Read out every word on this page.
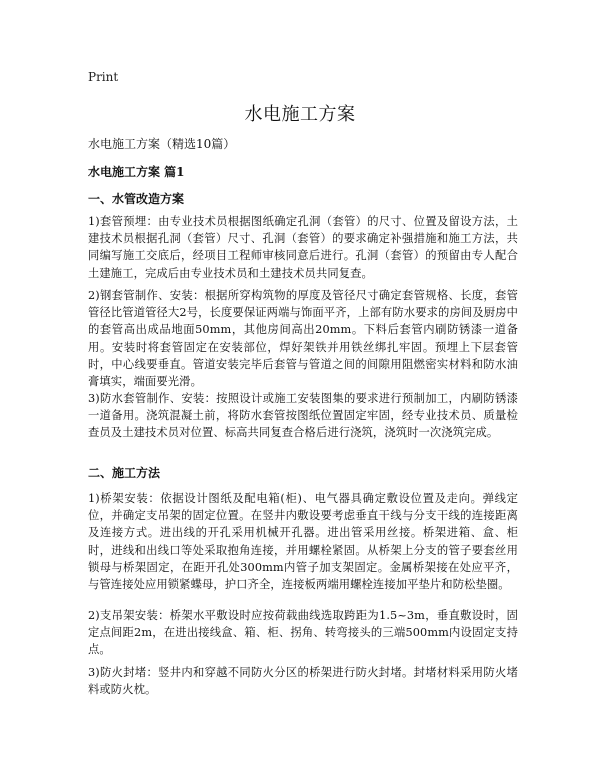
Print
水电施工方案
水电施工方案（精选10篇）
水电施工方案 篇1
一、水管改造方案
1)套管预埋：由专业技术员根据图纸确定孔洞（套管）的尺寸、位置及留设方法，土建技术员根据孔洞（套管）尺寸、孔洞（套管）的要求确定补强措施和施工方法，共同编写施工交底后，经项目工程师审核同意后进行。孔洞（套管）的预留由专人配合土建施工，完成后由专业技术员和土建技术员共同复查。
2)钢套管制作、安装：根据所穿构筑物的厚度及管径尺寸确定套管规格、长度，套管管径比管道管径大2号，长度要保证两端与饰面平齐，上部有防水要求的房间及厨房中的套管高出成品地面50mm，其他房间高出20mm。下料后套管内刷防锈漆一道备用。安装时将套管固定在安装部位，焊好架铁并用铁丝绑扎牢固。预埋上下层套管时，中心线要垂直。管道安装完毕后套管与管道之间的间隙用阻燃密实材料和防水油膏填实，端面要光滑。
3)防水套管制作、安装：按照设计或施工安装图集的要求进行预制加工，内刷防锈漆一道备用。浇筑混凝土前，将防水套管按图纸位置固定牢固，经专业技术员、质量检查员及土建技术员对位置、标高共同复查合格后进行浇筑，浇筑时一次浇筑完成。
二、施工方法
1)桥架安装：依据设计图纸及配电箱(柜)、电气器具确定敷设位置及走向。弹线定位，并确定支吊架的固定位置。在竖井内敷设要考虑垂直干线与分支干线的连接距离及连接方式。进出线的开孔采用机械开孔器。进出管采用丝接。桥架进箱、盒、柜时，进线和出线口等处采取抱角连接，并用螺栓紧固。从桥架上分支的管子要套丝用锁母与桥架固定，在距开孔处300mm内管子加支架固定。金属桥架接在处应平齐，与管连接处应用锁紧蝶母，护口齐全，连接板两端用螺栓连接加平垫片和防松垫圈。
2)支吊架安装：桥架水平敷设时应按荷载曲线选取跨距为1.5~3m，垂直敷设时，固定点间距2m，在进出接线盒、箱、柜、拐角、转弯接头的三端500mm内设固定支持点。
3)防火封堵：竖井内和穿越不同防火分区的桥架进行防火封堵。封堵材料采用防火堵料或防火枕。
